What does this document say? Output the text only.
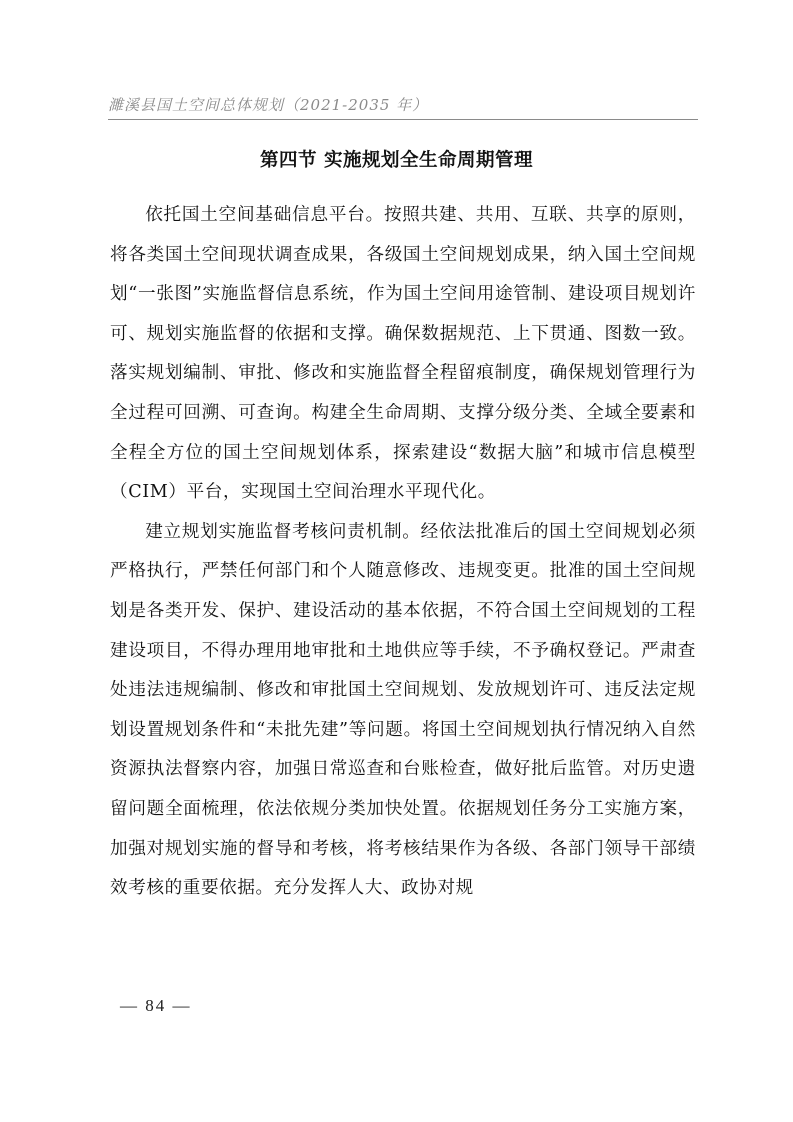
濉溪县国土空间总体规划（2021-2035 年）
第四节 实施规划全生命周期管理

依托国土空间基础信息平台。按照共建、共用、互联、共享的原则，将各类国土空间现状调查成果，各级国土空间规划成果，纳入国土空间规划“一张图”实施监督信息系统，作为国土空间用途管制、建设项目规划许可、规划实施监督的依据和支撑。确保数据规范、上下贯通、图数一致。落实规划编制、审批、修改和实施监督全程留痕制度，确保规划管理行为全过程可回溯、可查询。构建全生命周期、支撑分级分类、全域全要素和全程全方位的国土空间规划体系，探索建设“数据大脑”和城市信息模型（CIM）平台，实现国土空间治理水平现代化。

建立规划实施监督考核问责机制。经依法批准后的国土空间规划必须严格执行，严禁任何部门和个人随意修改、违规变更。批准的国土空间规划是各类开发、保护、建设活动的基本依据，不符合国土空间规划的工程建设项目，不得办理用地审批和土地供应等手续，不予确权登记。严肃查处违法违规编制、修改和审批国土空间规划、发放规划许可、违反法定规划设置规划条件和“未批先建”等问题。将国土空间规划执行情况纳入自然资源执法督察内容，加强日常巡查和台账检查，做好批后监管。对历史遗留问题全面梳理，依法依规分类加快处置。依据规划任务分工实施方案，加强对规划实施的督导和考核，将考核结果作为各级、各部门领导干部绩效考核的重要依据。充分发挥人大、政协对规

— 84 —
